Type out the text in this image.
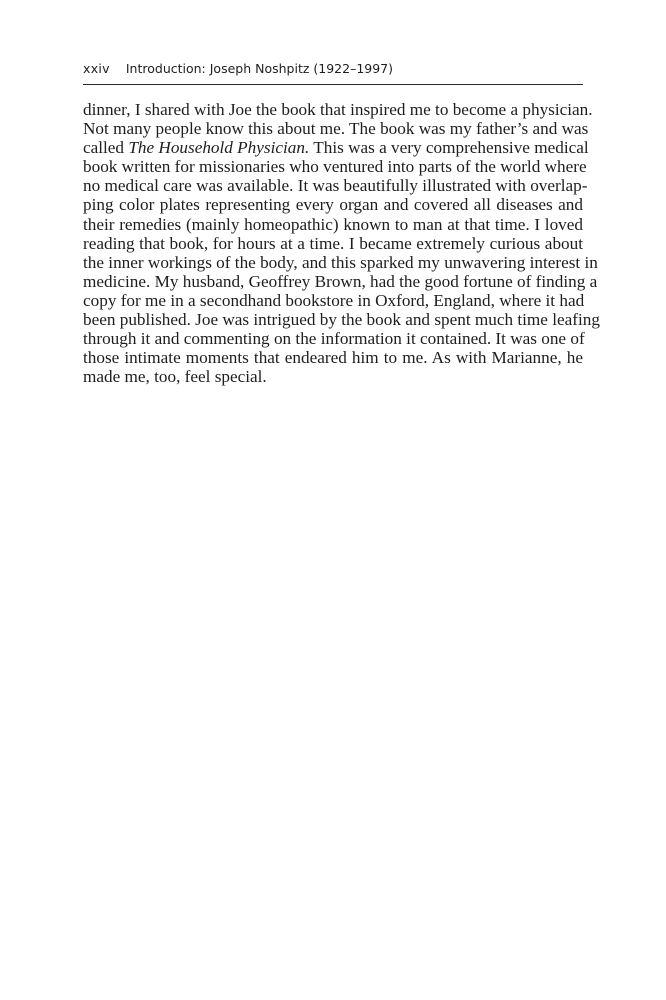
xxiv Introduction: Joseph Noshpitz (1922–1997)
dinner, I shared with Joe the book that inspired me to become a physician.
Not many people know this about me. The book was my father’s and was
called The Household Physician. This was a very comprehensive medical
book written for missionaries who ventured into parts of the world where
no medical care was available. It was beautifully illustrated with overlap-
ping color plates representing every organ and covered all diseases and
their remedies (mainly homeopathic) known to man at that time. I loved
reading that book, for hours at a time. I became extremely curious about
the inner workings of the body, and this sparked my unwavering interest in
medicine. My husband, Geoffrey Brown, had the good fortune of finding a
copy for me in a secondhand bookstore in Oxford, England, where it had
been published. Joe was intrigued by the book and spent much time leafing
through it and commenting on the information it contained. It was one of
those intimate moments that endeared him to me. As with Marianne, he
made me, too, feel special.
